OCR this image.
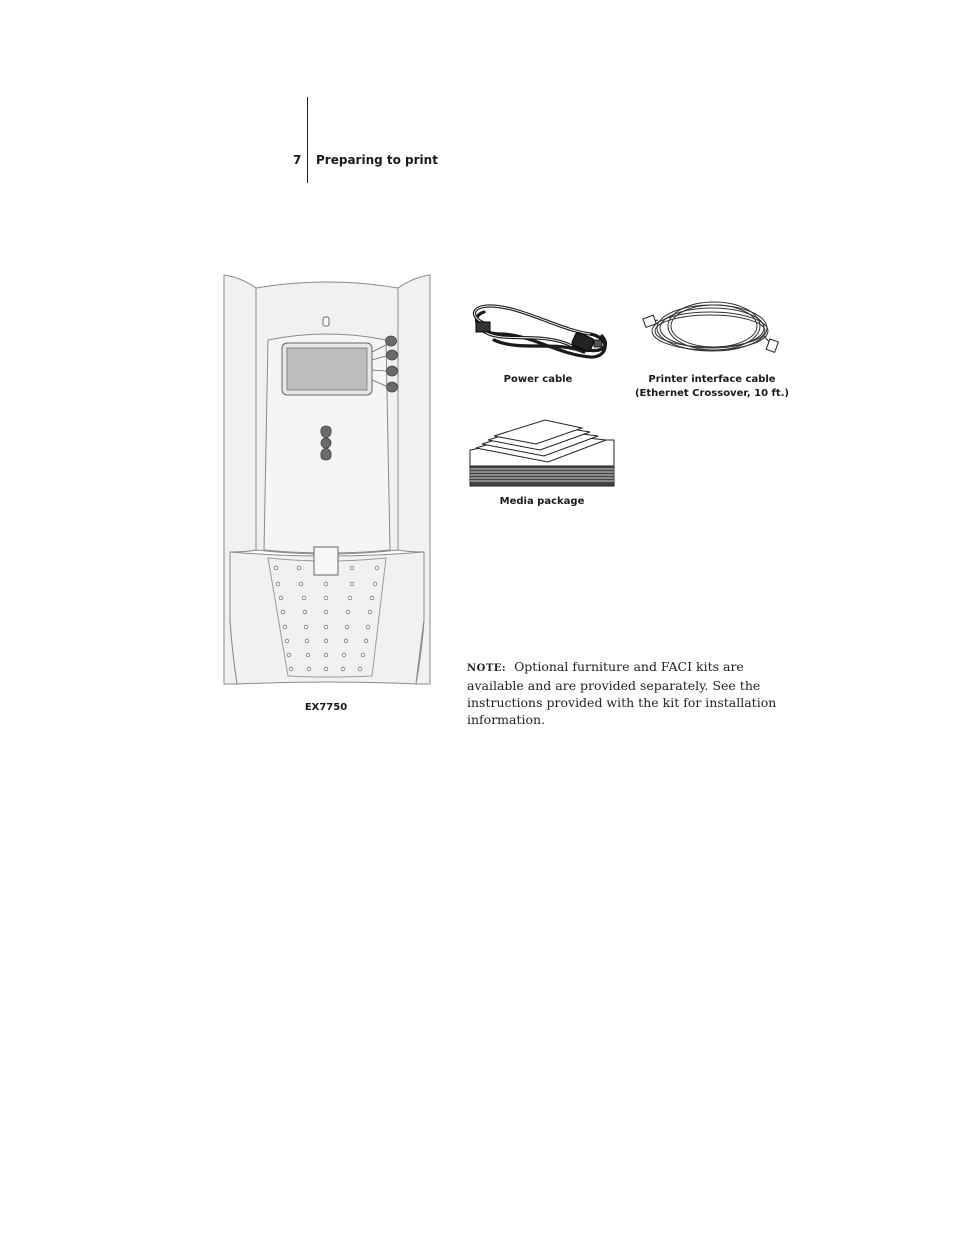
7 Preparing to print
EX7750
Power cable	Printer interface cable
(Ethernet Crossover, 10 ft.)
Media package
NOTE: Optional furniture and FACI kits are available and are provided separately. See the instructions provided with the kit for installation information.
